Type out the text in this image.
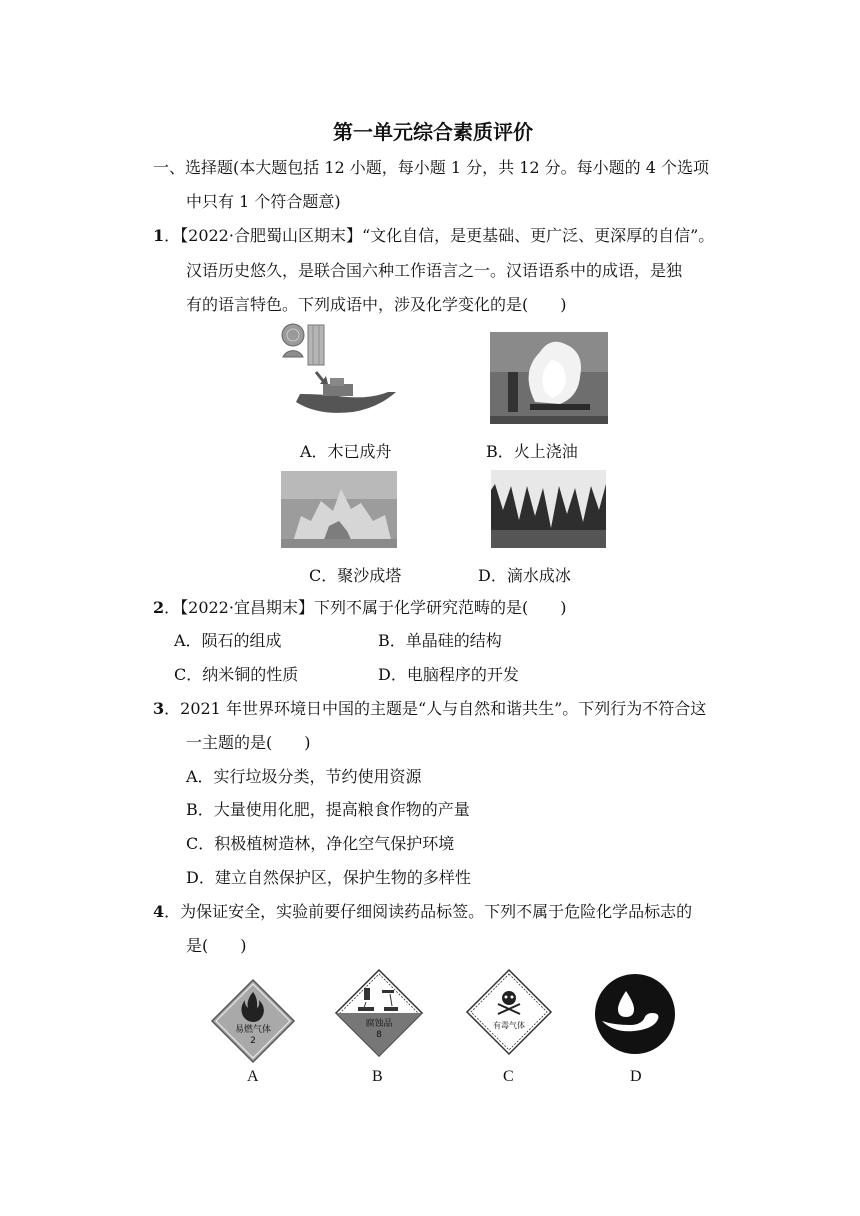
第一单元综合素质评价
一、选择题(本大题包括 12 小题，每小题 1 分，共 12 分。每小题的 4 个选项
中只有 1 个符合题意)
1．【2022·合肥蜀山区期末】“文化自信，是更基础、更广泛、更深厚的自信”。
汉语历史悠久，是联合国六种工作语言之一。汉语语系中的成语，是独
有的语言特色。下列成语中，涉及化学变化的是(　　)
A．木已成舟	B．火上浇油
C．聚沙成塔	D．滴水成冰
2．【2022·宜昌期末】下列不属于化学研究范畴的是(　　)
A．陨石的组成	B．单晶硅的结构
C．纳米铜的性质	D．电脑程序的开发
3．2021 年世界环境日中国的主题是“人与自然和谐共生”。下列行为不符合这
一主题的是(　　)
A．实行垃圾分类，节约使用资源
B．大量使用化肥，提高粮食作物的产量
C．积极植树造林，净化空气保护环境
D．建立自然保护区，保护生物的多样性
4．为保证安全，实验前要仔细阅读药品标签。下列不属于危险化学品标志的
是(　　)
易燃气体
2
腐蚀品
8
有毒气体
A	B	C	D
